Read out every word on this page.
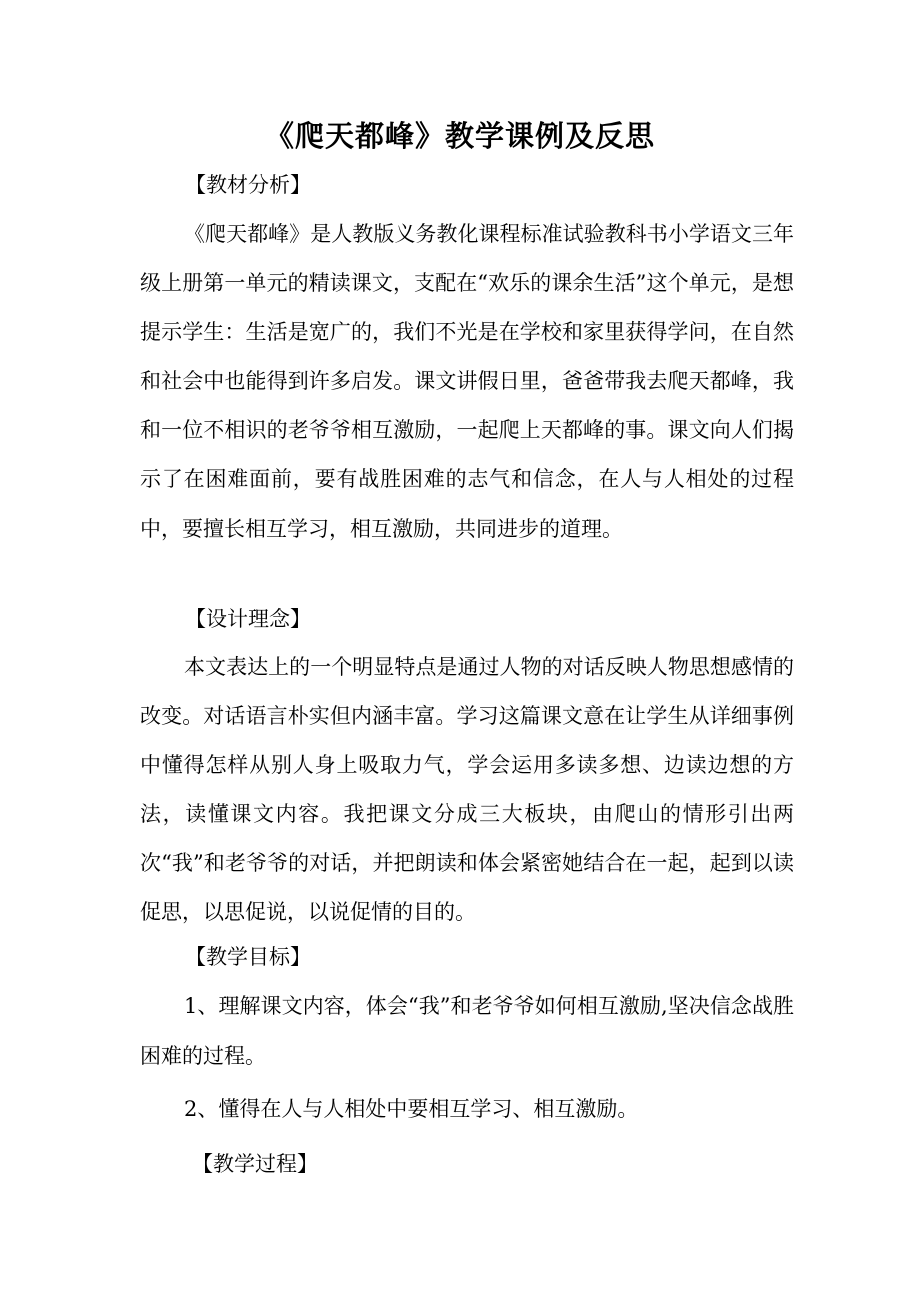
《爬天都峰》教学课例及反思
【教材分析】

《爬天都峰》是人教版义务教化课程标准试验教科书小学语文三年级上册第一单元的精读课文，支配在“欢乐的课余生活”这个单元，是想提示学生：生活是宽广的，我们不光是在学校和家里获得学问，在自然和社会中也能得到许多启发。课文讲假日里，爸爸带我去爬天都峰，我和一位不相识的老爷爷相互激励，一起爬上天都峰的事。课文向人们揭示了在困难面前，要有战胜困难的志气和信念，在人与人相处的过程中，要擅长相互学习，相互激励，共同进步的道理。

【设计理念】

本文表达上的一个明显特点是通过人物的对话反映人物思想感情的改变。对话语言朴实但内涵丰富。学习这篇课文意在让学生从详细事例中懂得怎样从别人身上吸取力气，学会运用多读多想、边读边想的方法，读懂课文内容。我把课文分成三大板块，由爬山的情形引出两次“我”和老爷爷的对话，并把朗读和体会紧密她结合在一起，起到以读促思，以思促说，以说促情的目的。

【教学目标】

1、理解课文内容，体会“我”和老爷爷如何相互激励,坚决信念战胜困难的过程。

2、懂得在人与人相处中要相互学习、相互激励。

【教学过程】
